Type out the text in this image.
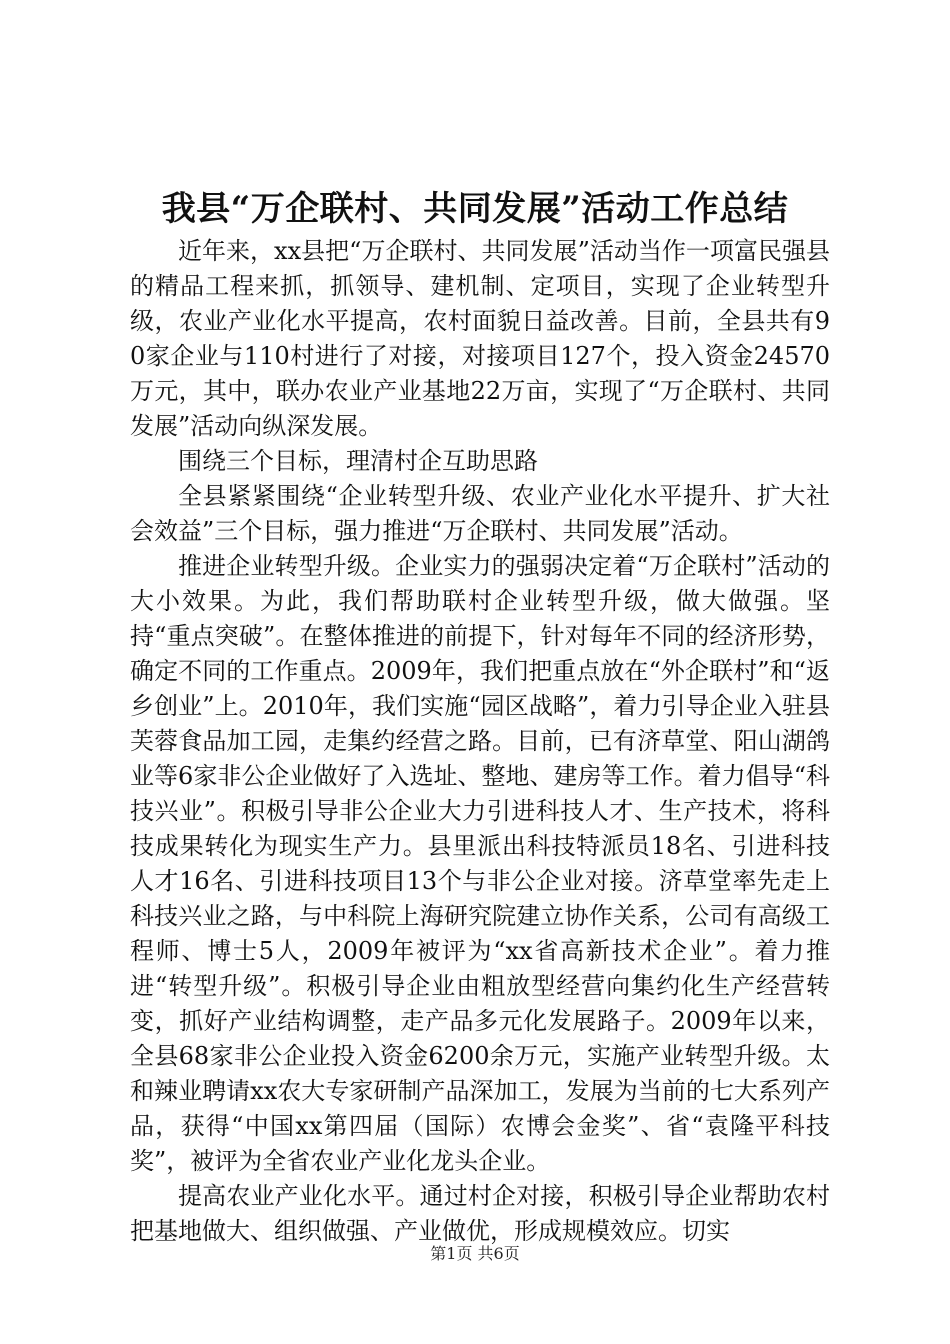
我县“万企联村、共同发展”活动工作总结

近年来，xx县把“万企联村、共同发展”活动当作一项富民强县的精品工程来抓，抓领导、建机制、定项目，实现了企业转型升级，农业产业化水平提高，农村面貌日益改善。目前，全县共有90家企业与110村进行了对接，对接项目127个，投入资金24570万元，其中，联办农业产业基地22万亩，实现了“万企联村、共同发展”活动向纵深发展。

围绕三个目标，理清村企互助思路

全县紧紧围绕“企业转型升级、农业产业化水平提升、扩大社会效益”三个目标，强力推进“万企联村、共同发展”活动。

推进企业转型升级。企业实力的强弱决定着“万企联村”活动的大小效果。为此，我们帮助联村企业转型升级，做大做强。坚持“重点突破”。在整体推进的前提下，针对每年不同的经济形势，确定不同的工作重点。2009年，我们把重点放在“外企联村”和“返乡创业”上。2010年，我们实施“园区战略”，着力引导企业入驻县芙蓉食品加工园，走集约经营之路。目前，已有济草堂、阳山湖鸽业等6家非公企业做好了入选址、整地、建房等工作。着力倡导“科技兴业”。积极引导非公企业大力引进科技人才、生产技术，将科技成果转化为现实生产力。县里派出科技特派员18名、引进科技人才16名、引进科技项目13个与非公企业对接。济草堂率先走上科技兴业之路，与中科院上海研究院建立协作关系，公司有高级工程师、博士5人，2009年被评为“xx省高新技术企业”。着力推进“转型升级”。积极引导企业由粗放型经营向集约化生产经营转变，抓好产业结构调整，走产品多元化发展路子。2009年以来，全县68家非公企业投入资金6200余万元，实施产业转型升级。太和辣业聘请xx农大专家研制产品深加工，发展为当前的七大系列产品，获得“中国xx第四届（国际）农博会金奖”、省“袁隆平科技奖”，被评为全省农业产业化龙头企业。

提高农业产业化水平。通过村企对接，积极引导企业帮助农村把基地做大、组织做强、产业做优，形成规模效应。切实

第1页 共6页
